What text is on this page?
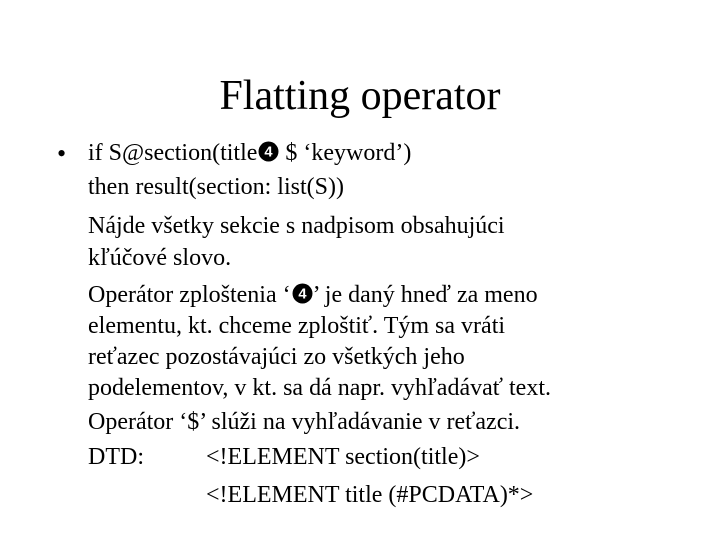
Flatting operator
• if S@section(title 4 $ ‘keyword’)
then result(section: list(S))
Nájde všetky sekcie s nadpisom obsahujúci
kľúčové slovo.
Operátor zploštenia ‘ 4 ’ je daný hneď za meno
elementu, kt. chceme zploštiť. Tým sa vráti
reťazec pozostávajúci zo všetkých jeho
podelementov, v kt. sa dá napr. vyhľadávať text.
Operátor ‘$’ slúži na vyhľadávanie v reťazci.
DTD:	<!ELEMENT section(title)>
<!ELEMENT title (#PCDATA)*>
